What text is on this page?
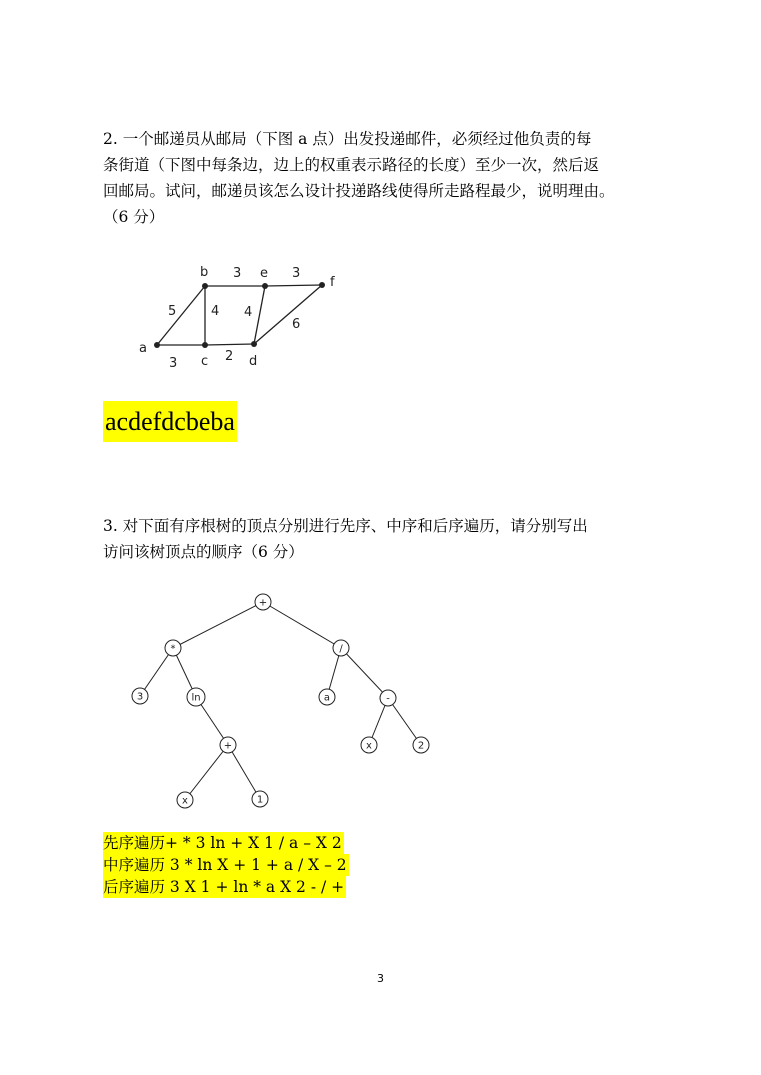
2. 一个邮递员从邮局（下图 a 点）出发投递邮件，必须经过他负责的每
条街道（下图中每条边，边上的权重表示路径的长度）至少一次，然后返
回邮局。试问，邮递员该怎么设计投递路线使得所走路程最少，说明理由。
（6 分）
a
b
c	d
e
f
5	4
3	3
3	2
4
6
+
*	/
3	ln	a	-
+	x	2
x	1
acdefdcbeba
3. 对下面有序根树的顶点分别进行先序、中序和后序遍历，请分别写出
访问该树顶点的顺序（6 分）
先序遍历+ * 3 ln + X 1 / a – X 2
中序遍历 3 * ln X + 1 + a / X – 2
后序遍历 3 X 1 + ln * a X 2 - / +
3
